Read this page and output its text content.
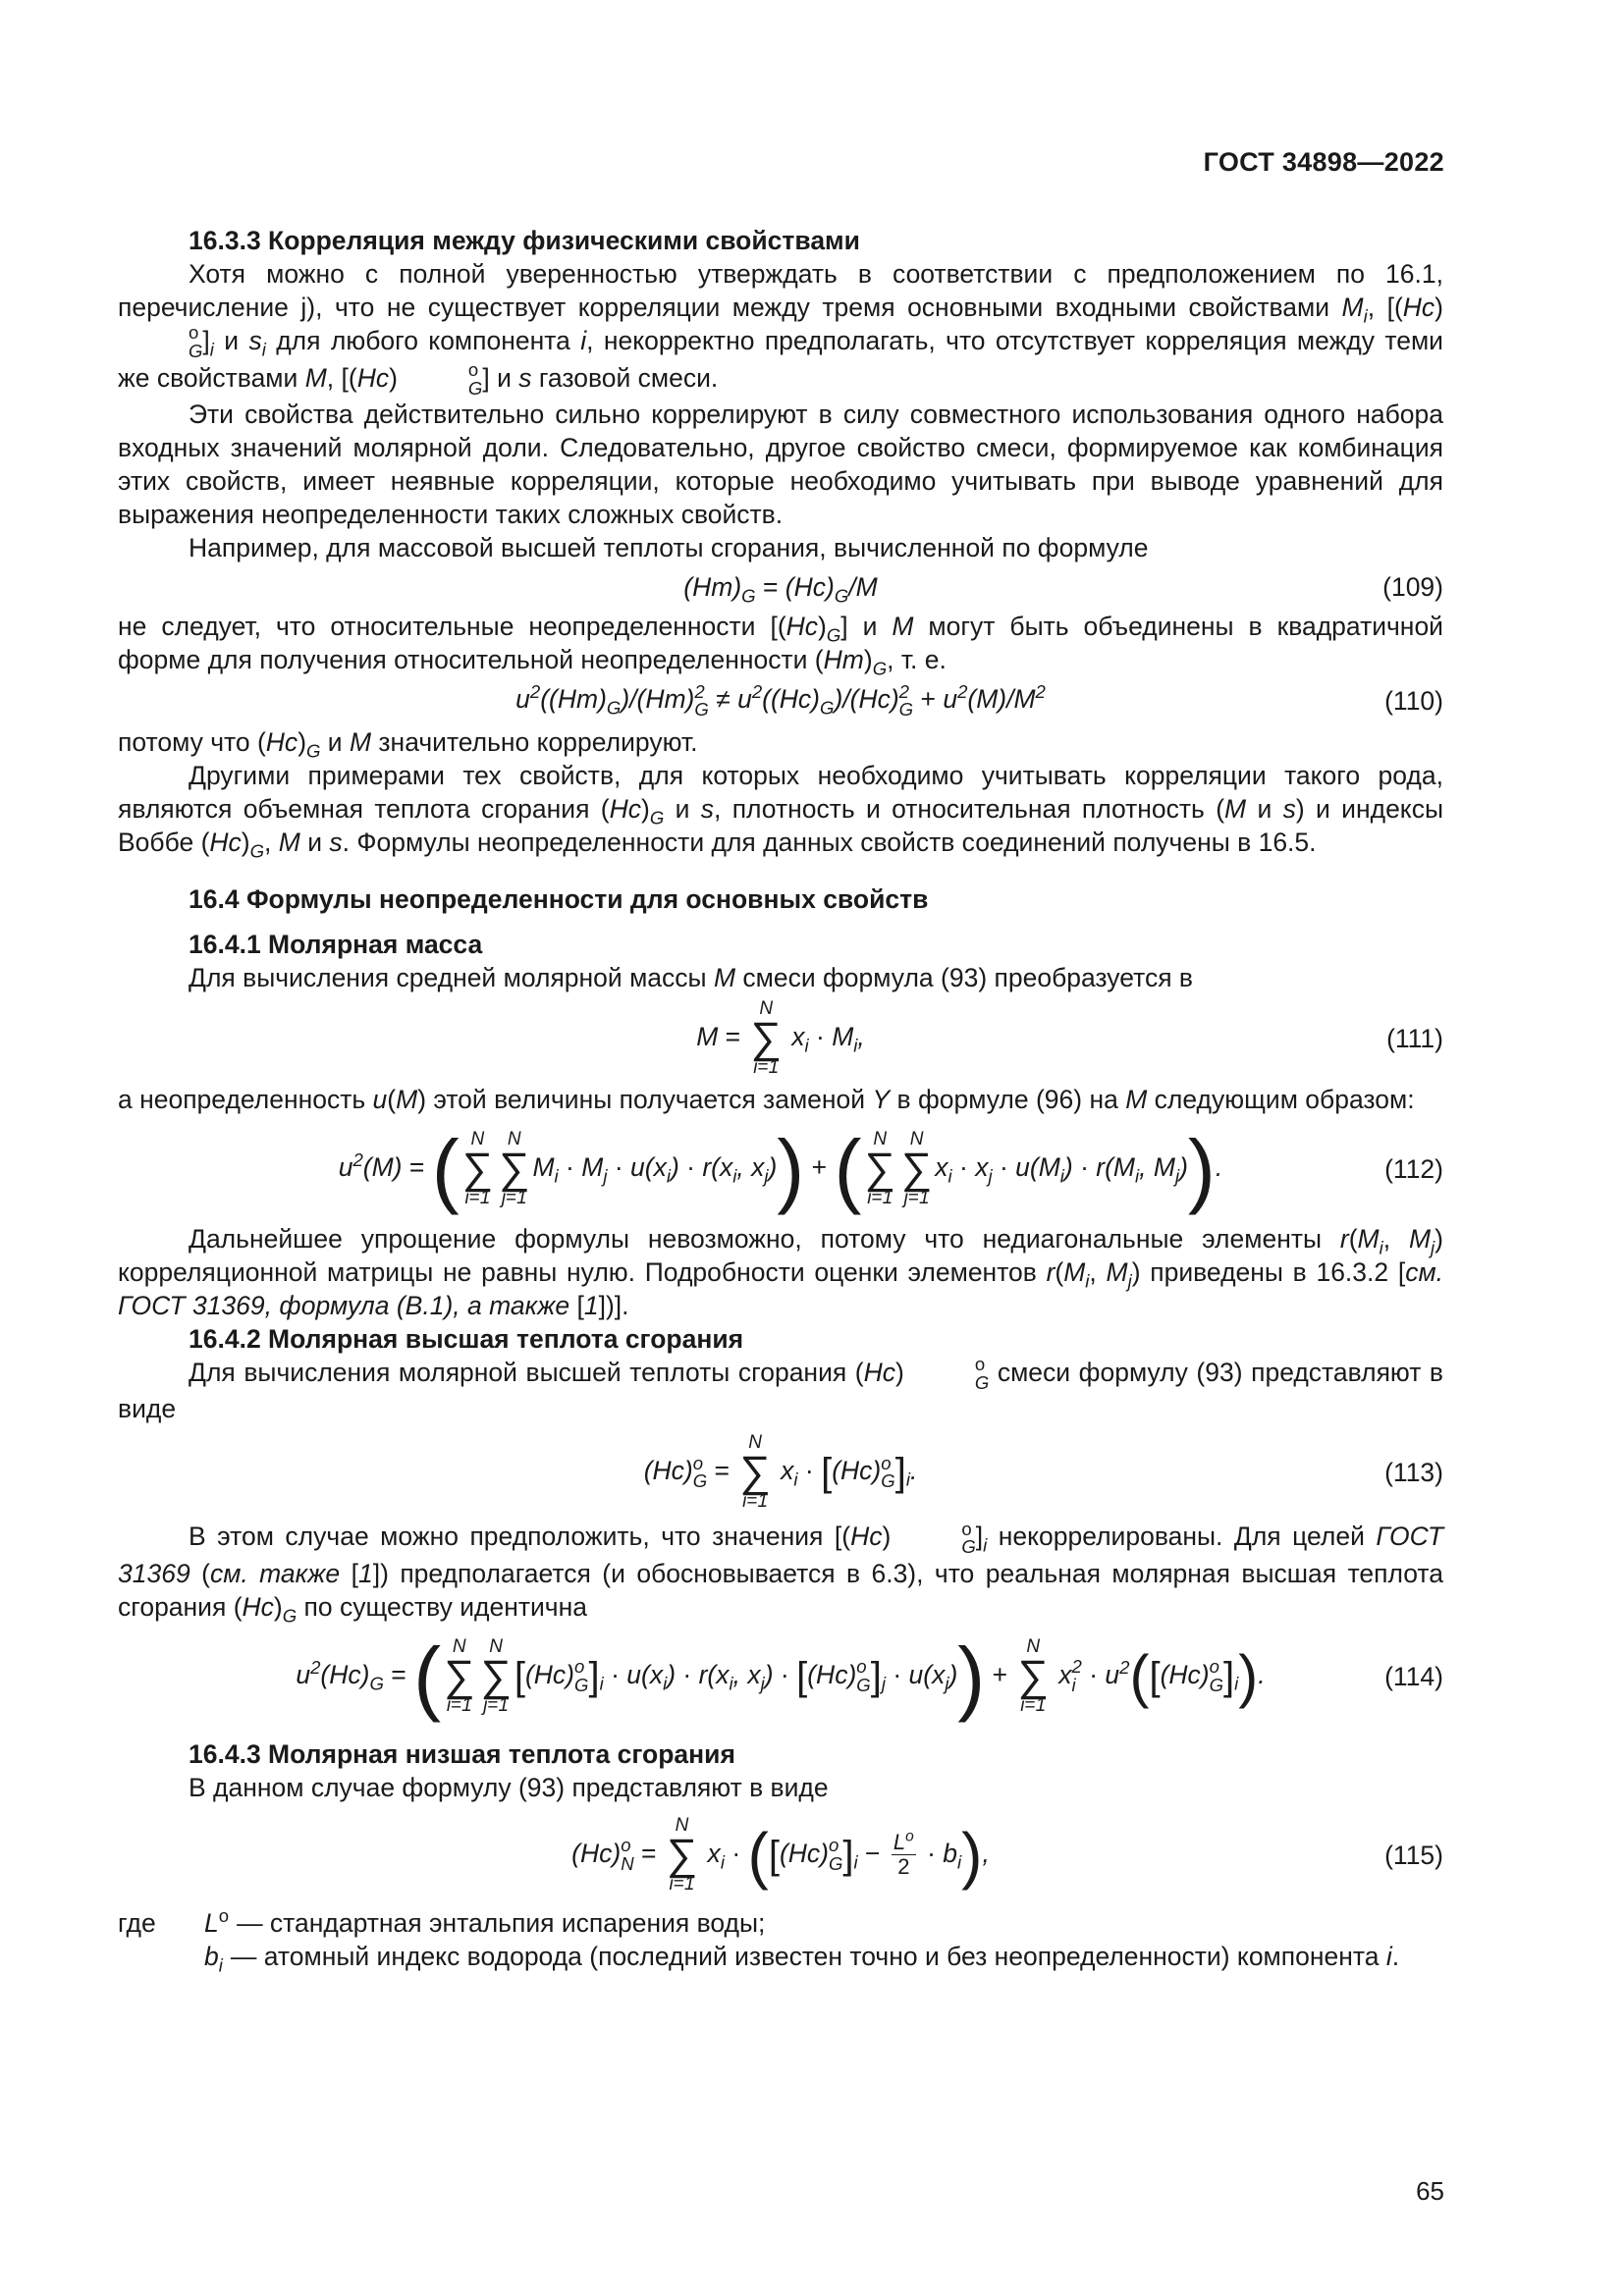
ГОСТ 34898—2022
16.3.3 Корреляция между физическими свойствами

Хотя можно с полной уверенностью утверждать в соответствии с предположением по 16.1, перечисление j), что не существует корреляции между тремя основными входными свойствами $M_i$, [(Hc)
o
G ]$_i$ и $s_i$ для любого компонента i, некорректно предполагать, что отсутствует корреляция между теми же свойствами M, [(Hc)	o
G ] и s газовой смеси.

Эти свойства действительно сильно коррелируют в силу совместного использования одного набора входных значений молярной доли. Следовательно, другое свойство смеси, формируемое как комбинация этих свойств, имеет неявные корреляции, которые необходимо учитывать при выводе уравнений для выражения неопределенности таких сложных свойств.

Например, для массовой высшей теплоты сгорания, вычисленной по формуле

$(Hm)_G = (Hc)_G/M$	(109)

не следует, что относительные неопределенности $[(Hc)_G]$ и M могут быть объединены в квадратичной форме для получения относительной неопределенности $(Hm)_G$, т. е.

$u^2((Hm)_G)/(Hm)$ 2
$G \ne u^2((Hc)_G)/(Hc)$ 2
$G + u^2(M)/M^2$	(110)

потому что $(Hc)_G$ и M значительно коррелируют.

Другими примерами тех свойств, для которых необходимо учитывать корреляции такого рода, являются объемная теплота сгорания $(Hc)_G$ и s, плотность и относительная плотность (M и s) и индексы Воббе $(Hc)_G$, M и s. Формулы неопределенности для данных свойств соединений получены в 16.5.

16.4 Формулы неопределенности для основных свойств
16.4.1 Молярная масса

Для вычисления средней молярной массы M смеси формула (93) преобразуется в

M =
N
∑
i=1
$x_i \cdot M_i$,	(111)

а неопределенность u(M) этой величины получается заменой Y в формуле (96) на M следующим образом:

$u^2(M)$ = ( N
∑
i=1
N
∑
j=1
$M_i \cdot M_j \cdot u(x_i) \cdot r(x_i$, $x_j$)) + ( N
∑
i=1
N
∑
j=1
$x_i \cdot x_j \cdot u(M_i) \cdot r(M_i$, $M_j$)).	(112)

Дальнейшее упрощение формулы невозможно, потому что недиагональные элементы $r(M_i$, $M_j$) корреляционной матрицы не равны нулю. Подробности оценки элементов $r(M_i$, $M_j$) приведены в 16.3.2 [см. ГОСТ 31369, формула (B.1), а также [1])].

16.4.2 Молярная высшая теплота сгорания

Для вычисления молярной высшей теплоты сгорания (Hc)	o
G смеси формулу (93) представляют в виде

(Hc) o
G =
N
∑
i=1
$x_i \cdot [(Hc)$ o
G ]$_i$.	(113)

В этом случае можно предположить, что значения [(Hc)	o
G ]$_i$ некоррелированы. Для целей ГОСТ 31369 (см. также [1]) предполагается (и обосновывается в 6.3), что реальная молярная высшая теплота сгорания $(Hc)_G$ по существу идентична

$u^2(Hc)_G$ = ( N
∑
i=1
N
∑
j=1
[(Hc) o
G ]$_i \cdot u(x_i) \cdot r(x_i$, $x_j) \cdot [(Hc)$ o
G ]$_j \cdot u(x_j)$) +
N
∑
i=1
x 2
$i \cdot u^2([(Hc)$ o
G ]$_i$).	(114)
16.4.3 Молярная низшая теплота сгорания

В данном случае формулу (93) представляют в виде

(Hc) o
N =
N
∑
i=1
$x_i \cdot ([(Hc)$ o
G ]$_i - \frac{L^o}{2} \cdot b_i$),	(115)
где	$L^o$ — стандартная энтальпия испарения воды;
$b_i$ — атомный индекс водорода (последний известен точно и без неопределенности) компонента i.
65
